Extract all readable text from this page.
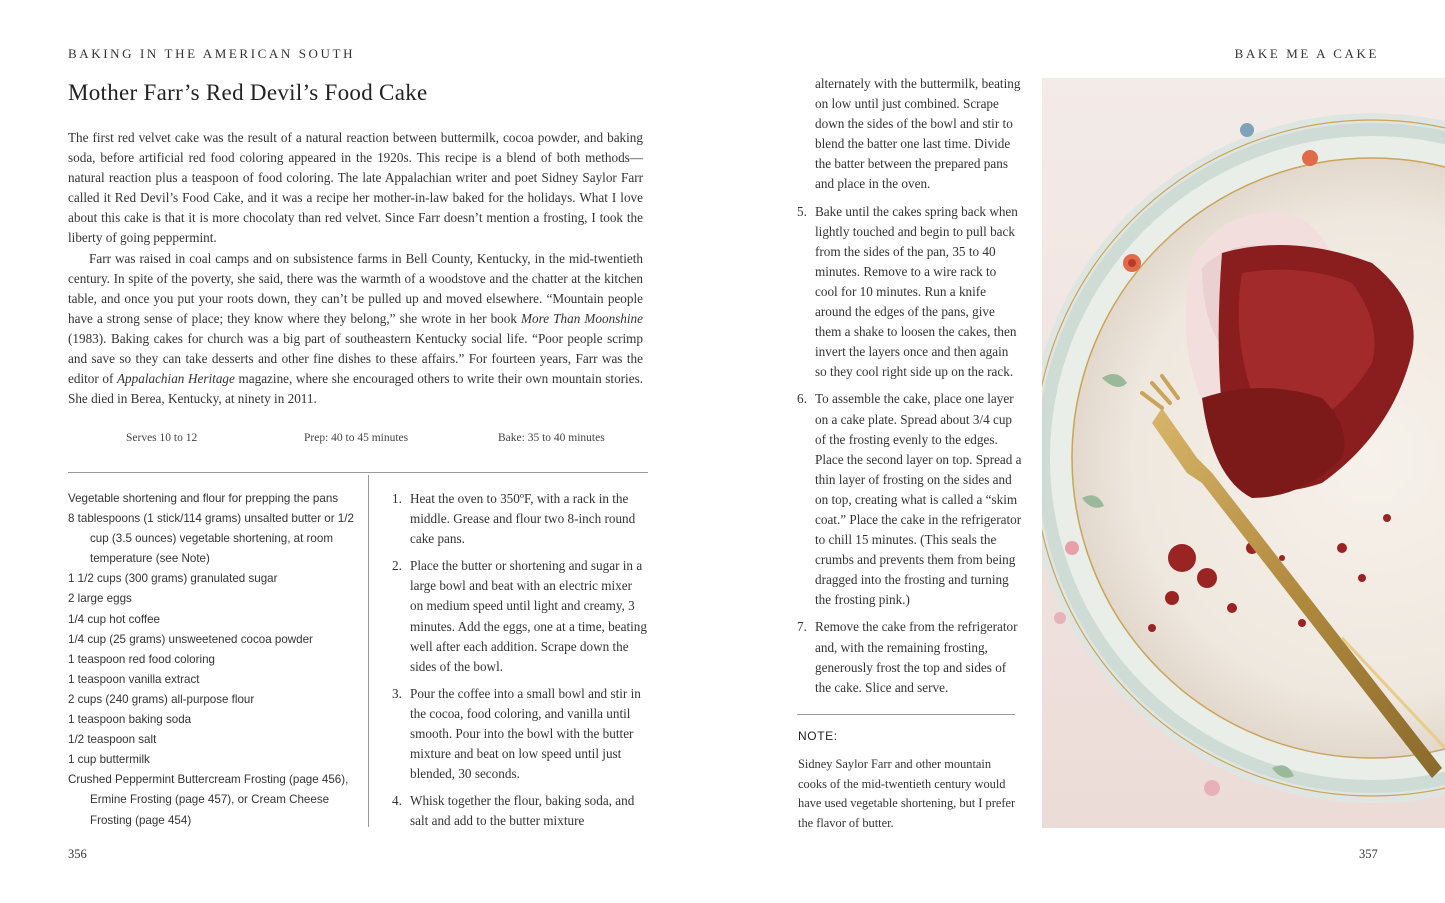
BAKING IN THE AMERICAN SOUTH
Mother Farr’s Red Devil’s Food Cake

The first red velvet cake was the result of a natural reaction between buttermilk, cocoa powder, and baking soda, before artificial red food coloring appeared in the 1920s. This recipe is a blend of both methods—natural reaction plus a teaspoon of food coloring. The late Appalachian writer and poet Sidney Saylor Farr called it Red Devil’s Food Cake, and it was a recipe her mother-in-law baked for the holidays. What I love about this cake is that it is more chocolaty than red velvet. Since Farr doesn’t mention a frosting, I took the liberty of going peppermint.

Farr was raised in coal camps and on subsistence farms in Bell County, Kentucky, in the mid-twentieth century. In spite of the poverty, she said, there was the warmth of a woodstove and the chatter at the kitchen table, and once you put your roots down, they can’t be pulled up and moved elsewhere. “Mountain people have a strong sense of place; they know where they belong,” she wrote in her book More Than Moonshine (1983). Baking cakes for church was a big part of southeastern Kentucky social life. “Poor people scrimp and save so they can take desserts and other fine dishes to these affairs.” For fourteen years, Farr was the editor of Appalachian Heritage magazine, where she encouraged others to write their own mountain stories. She died in Berea, Kentucky, at ninety in 2011.

Serves 10 to 12	Prep: 40 to 45 minutes	Bake: 35 to 40 minutes
Vegetable shortening and flour for prepping the pans
8 tablespoons (1 stick/114 grams) unsalted butter or 1/2 cup (3.5 ounces) vegetable shortening, at room temperature (see Note)
1 1/2 cups (300 grams) granulated sugar
2 large eggs
1/4 cup hot coffee
1/4 cup (25 grams) unsweetened cocoa powder
1 teaspoon red food coloring
1 teaspoon vanilla extract
2 cups (240 grams) all-purpose flour
1 teaspoon baking soda
1/2 teaspoon salt
1 cup buttermilk
Crushed Peppermint Buttercream Frosting (page 456), Ermine Frosting (page 457), or Cream Cheese Frosting (page 454)
1. Heat the oven to 350ºF, with a rack in the middle. Grease and flour two 8-inch round cake pans.
2. Place the butter or shortening and sugar in a large bowl and beat with an electric mixer on medium speed until light and creamy, 3 minutes. Add the eggs, one at a time, beating well after each addition. Scrape down the sides of the bowl.
3. Pour the coffee into a small bowl and stir in the cocoa, food coloring, and vanilla until smooth. Pour into the bowl with the butter mixture and beat on low speed until just blended, 30 seconds.
4. Whisk together the flour, baking soda, and salt and add to the butter mixture
356
BAKE ME A CAKE
alternately with the buttermilk, beating on low until just combined. Scrape down the sides of the bowl and stir to blend the batter one last time. Divide the batter between the prepared pans and place in the oven.
5. Bake until the cakes spring back when lightly touched and begin to pull back from the sides of the pan, 35 to 40 minutes. Remove to a wire rack to cool for 10 minutes. Run a knife around the edges of the pans, give them a shake to loosen the cakes, then invert the layers once and then again so they cool right side up on the rack.
6. To assemble the cake, place one layer on a cake plate. Spread about 3/4 cup of the frosting evenly to the edges. Place the second layer on top. Spread a thin layer of frosting on the sides and on top, creating what is called a “skim coat.” Place the cake in the refrigerator to chill 15 minutes. (This seals the crumbs and prevents them from being dragged into the frosting and turning the frosting pink.)
7. Remove the cake from the refrigerator and, with the remaining frosting, generously frost the top and sides of the cake. Slice and serve.
NOTE:
Sidney Saylor Farr and other mountain cooks of the mid-twentieth century would have used vegetable shortening, but I prefer the flavor of butter.
357
